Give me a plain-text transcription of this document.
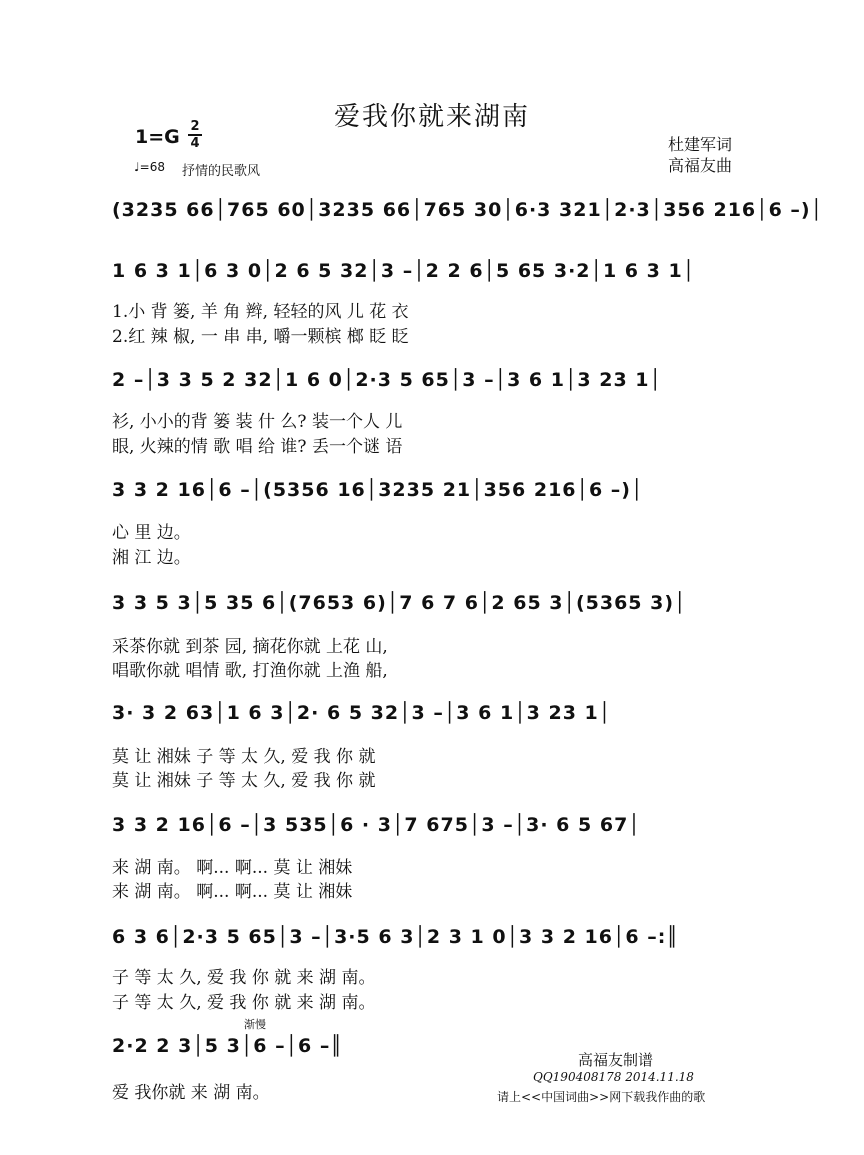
爱我你就来湖南
1=G 2
4
♩=68 抒情的民歌风
杜建军词
高福友曲
(3235 66│765 60│3235 66│765 30│6·3 321│2·3│356 216│6 –)│
1 6 3 1│6 3 0│2 6 5 32│3 –│2 2 6│5 65 3·2│1 6 3 1│
1.小 背 篓, 羊 角 辫, 轻轻的风 儿 花 衣
2.红 辣 椒, 一 串 串, 嚼一颗槟 榔 眨 眨
2 –│3 3 5 2 32│1 6 0│2·3 5 65│3 –│3 6 1│3 23 1│
衫, 小小的背 篓 装 什 么? 装一个人 儿
眼, 火辣的情 歌 唱 给 谁? 丢一个谜 语
3 3 2 16│6 –│(5356 16│3235 21│356 216│6 –)│
心 里 边。
湘 江 边。
3 3 5 3│5 35 6│(7653 6)│7 6 7 6│2 65 3│(5365 3)│
采茶你就 到茶 园, 摘花你就 上花 山,
唱歌你就 唱情 歌, 打渔你就 上渔 船,
3· 3 2 63│1 6 3│2· 6 5 32│3 –│3 6 1│3 23 1│
莫 让 湘妹 子 等 太 久, 爱 我 你 就
莫 让 湘妹 子 等 太 久, 爱 我 你 就
3 3 2 16│6 –│3 535│6 · 3│7 675│3 –│3· 6 5 67│
来 湖 南。 啊... 啊... 莫 让 湘妹
来 湖 南。 啊... 啊... 莫 让 湘妹
6 3 6│2·3 5 65│3 –│3·5 6 3│2 3 1 0│3 3 2 16│6 –:║
子 等 太 久, 爱 我 你 就 来 湖 南。
子 等 太 久, 爱 我 你 就 来 湖 南。
渐慢
2·2 2 3│5 3│6 –│6 –║
爱 我你就 来 湖 南。
高福友制谱
QQ190408178 2014.11.18
请上<<中国词曲>>网下载我作曲的歌
